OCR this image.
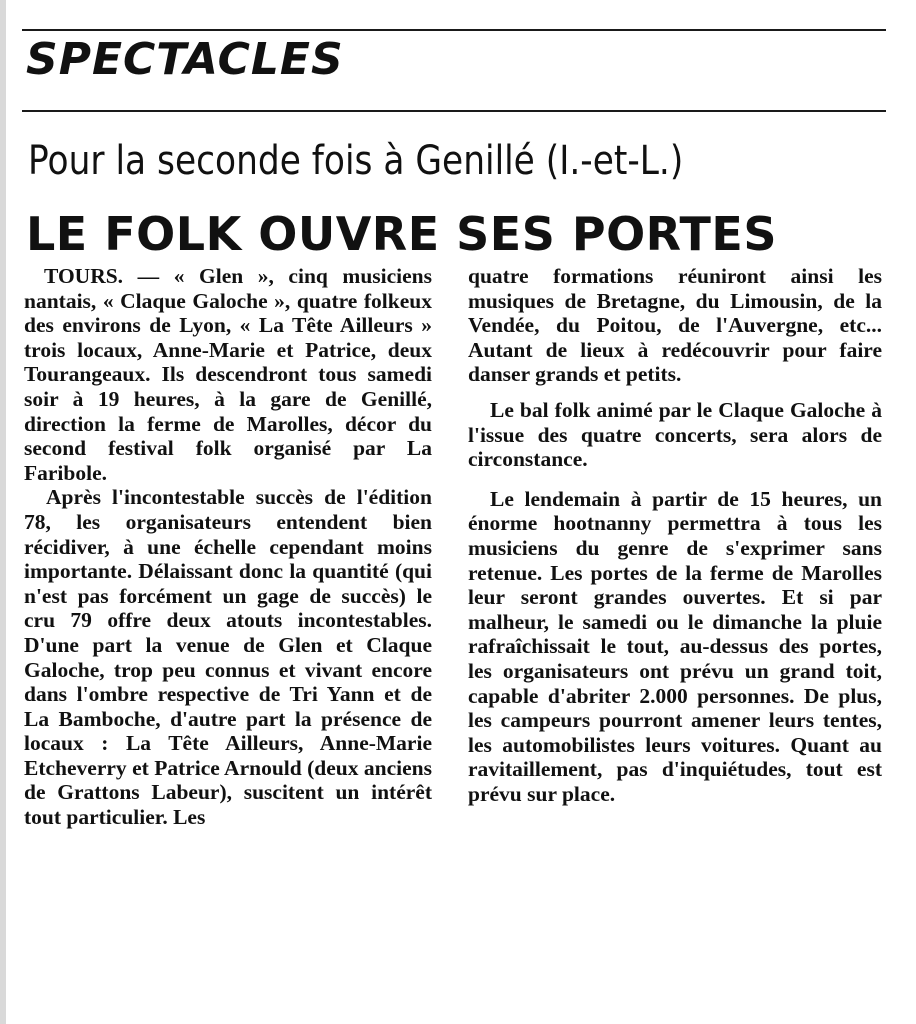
SPECTACLES
Pour la seconde fois à Genillé (I.-et-L.)
LE FOLK OUVRE SES PORTES

TOURS. — « Glen », cinq musiciens nantais, « Claque Galoche », quatre folkeux des environs de Lyon, « La Tête Ailleurs » trois locaux, Anne-Marie et Patrice, deux Tourangeaux. Ils descendront tous samedi soir à 19 heures, à la gare de Genillé, direction la ferme de Marolles, décor du second festival folk organisé par La Faribole.

Après l'incontestable succès de l'édition 78, les organisateurs entendent bien récidiver, à une échelle cependant moins importante. Délaissant donc la quantité (qui n'est pas forcément un gage de succès) le cru 79 offre deux atouts incontestables. D'une part la venue de Glen et Claque Galoche, trop peu connus et vivant encore dans l'ombre respective de Tri Yann et de La Bamboche, d'autre part la présence de locaux : La Tête Ailleurs, Anne-Marie Etcheverry et Patrice Arnould (deux anciens de Grattons Labeur), suscitent un intérêt tout particulier. Les

quatre formations réuniront ainsi les musiques de Bretagne, du Limousin, de la Vendée, du Poitou, de l'Auvergne, etc... Autant de lieux à redécouvrir pour faire danser grands et petits.

Le bal folk animé par le Claque Galoche à l'issue des quatre concerts, sera alors de circonstance.

Le lendemain à partir de 15 heures, un énorme hootnanny permettra à tous les musiciens du genre de s'exprimer sans retenue. Les portes de la ferme de Marolles leur seront grandes ouvertes. Et si par malheur, le samedi ou le dimanche la pluie rafraîchissait le tout, au-dessus des portes, les organisateurs ont prévu un grand toit, capable d'abriter 2.000 personnes. De plus, les campeurs pourront amener leurs tentes, les automobilistes leurs voitures. Quant au ravitaillement, pas d'inquiétudes, tout est prévu sur place.
